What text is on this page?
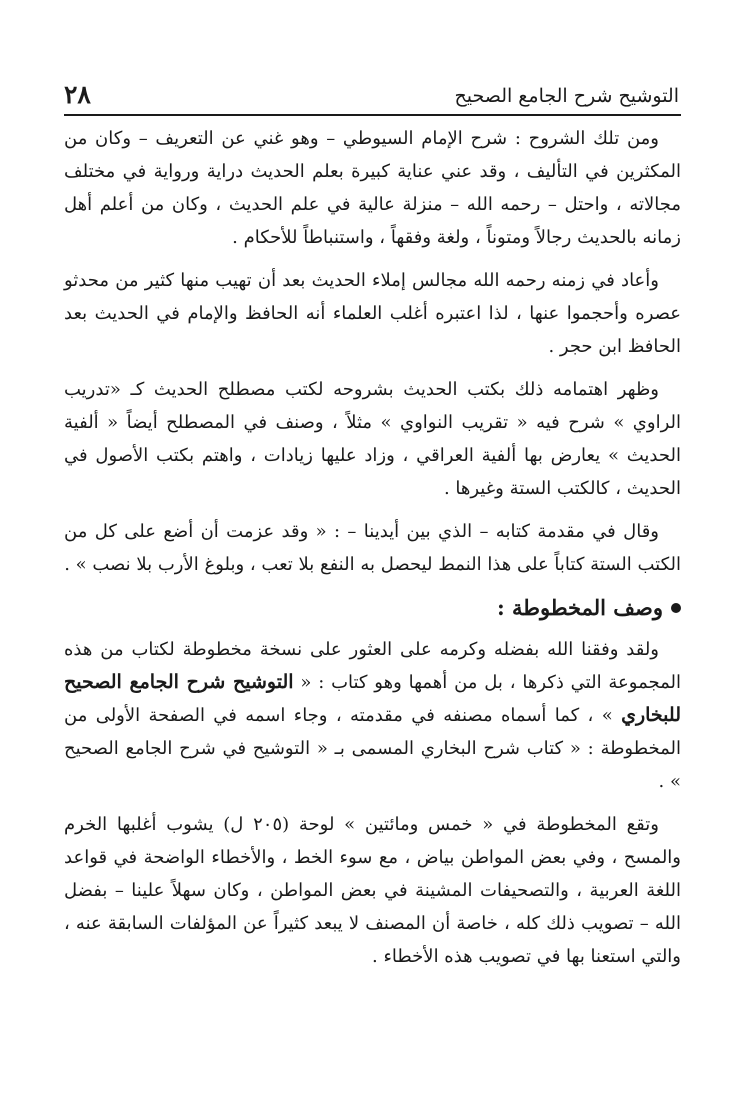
التوشيح شرح الجامع الصحيح
٢٨

ومن تلك الشروح : شرح الإمام السيوطي – وهو غني عن التعريف – وكان من المكثرين في التأليف ، وقد عني عناية كبيرة بعلم الحديث دراية ورواية في مختلف مجالاته ، واحتل – رحمه الله – منزلة عالية في علم الحديث ، وكان من أعلم أهل زمانه بالحديث رجالاً ومتوناً ، ولغة وفقهاً ، واستنباطاً للأحكام .

وأعاد في زمنه رحمه الله مجالس إملاء الحديث بعد أن تهيب منها كثير من محدثو عصره وأحجموا عنها ، لذا اعتبره أغلب العلماء أنه الحافظ والإمام في الحديث بعد الحافظ ابن حجر .

وظهر اهتمامه ذلك بكتب الحديث بشروحه لكتب مصطلح الحديث كـ «تدريب الراوي » شرح فيه « تقريب النواوي » مثلاً ، وصنف في المصطلح أيضاً « ألفية الحديث » يعارض بها ألفية العراقي ، وزاد عليها زيادات ، واهتم بكتب الأصول في الحديث ، كالكتب الستة وغيرها .

وقال في مقدمة كتابه – الذي بين أيدينا – : « وقد عزمت أن أضع على كل من الكتب الستة كتاباً على هذا النمط ليحصل به النفع بلا تعب ، وبلوغ الأرب بلا نصب » .

وصف المخطوطة :

ولقد وفقنا الله بفضله وكرمه على العثور على نسخة مخطوطة لكتاب من هذه المجموعة التي ذكرها ، بل من أهمها وهو كتاب : « التوشيح شرح الجامع الصحيح للبخاري » ، كما أسماه مصنفه في مقدمته ، وجاء اسمه في الصفحة الأولى من المخطوطة : « كتاب شرح البخاري المسمى بـ « التوشيح في شرح الجامع الصحيح » .

وتقع المخطوطة في « خمس ومائتين » لوحة (٢٠٥ ل) يشوب أغلبها الخرم والمسح ، وفي بعض المواطن بياض ، مع سوء الخط ، والأخطاء الواضحة في قواعد اللغة العربية ، والتصحيفات المشينة في بعض المواطن ، وكان سهلاً علينا – بفضل الله – تصويب ذلك كله ، خاصة أن المصنف لا يبعد كثيراً عن المؤلفات السابقة عنه ، والتي استعنا بها في تصويب هذه الأخطاء .
